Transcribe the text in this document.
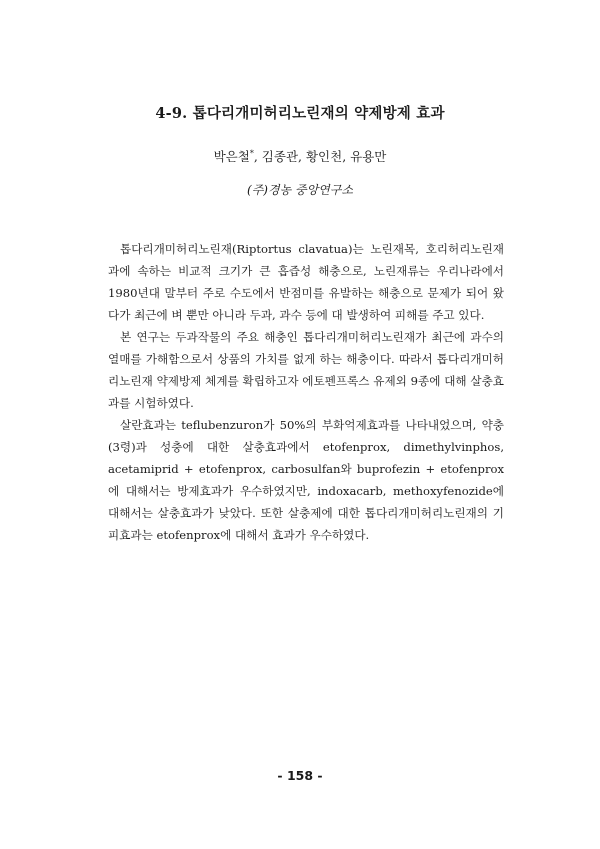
4-9. 톱다리개미허리노린재의 약제방제 효과
박은철*, 김종관, 황인천, 유용만
(주)경농 중앙연구소

톱다리개미허리노린재(Riptortus clavatua)는 노린재목, 호리허리노린재과에 속하는 비교적 크기가 큰 흡즙성 해충으로, 노린재류는 우리나라에서 1980년대 말부터 주로 수도에서 반점미를 유발하는 해충으로 문제가 되어 왔다가 최근에 벼 뿐만 아니라 두과, 과수 등에 대 발생하여 피해를 주고 있다.

본 연구는 두과작물의 주요 해충인 톱다리개미허리노린재가 최근에 과수의 열매를 가해함으로서 상품의 가치를 없게 하는 해충이다. 따라서 톱다리개미허리노린재 약제방제 체계를 확립하고자 에토펜프록스 유제외 9종에 대해 살충효과를 시험하였다.

살란효과는 teflubenzuron가 50%의 부화억제효과를 나타내었으며, 약충(3령)과 성충에 대한 살충효과에서 etofenprox, dimethylvinphos, acetamiprid + etofenprox, carbosulfan와 buprofezin + etofenprox에 대해서는 방제효과가 우수하였지만, indoxacarb, methoxyfenozide에 대해서는 살충효과가 낮았다. 또한 살충제에 대한 톱다리개미허리노린재의 기피효과는 etofenprox에 대해서 효과가 우수하였다.

- 158 -
